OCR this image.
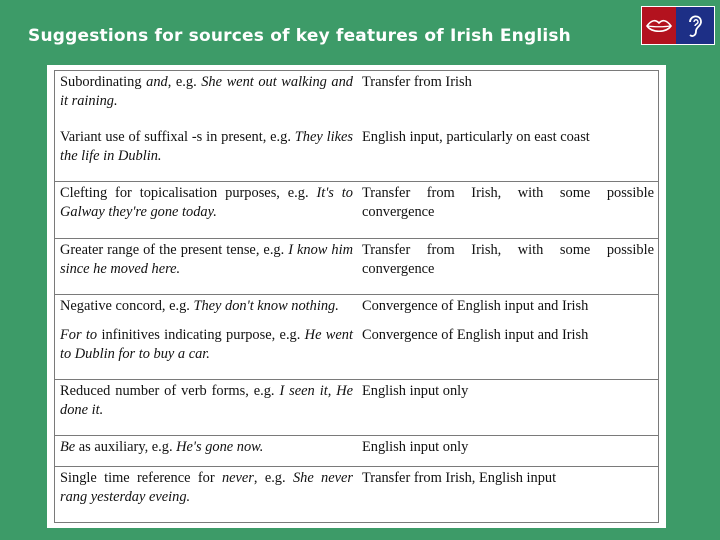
Suggestions for sources of key features of Irish English
Subordinating and, e.g. She went out walking and it raining.	Transfer from Irish
Variant use of suffixal -s in present, e.g. They likes the life in Dublin.	English input, particularly on east coast
Clefting for topicalisation purposes, e.g. It's to Galway they're gone today.	Transfer from Irish, with some possible convergence
Greater range of the present tense, e.g. I know him since he moved here.	Transfer from Irish, with some possible convergence
Negative concord, e.g. They don't know nothing.	Convergence of English input and Irish
For to infinitives indicating purpose, e.g. He went to Dublin for to buy a car.	Convergence of English input and Irish
Reduced number of verb forms, e.g. I seen it, He done it.	English input only
Be as auxiliary, e.g. He's gone now.	English input only
Single time reference for never, e.g. She never rang yesterday eveing.	Transfer from Irish, English input
